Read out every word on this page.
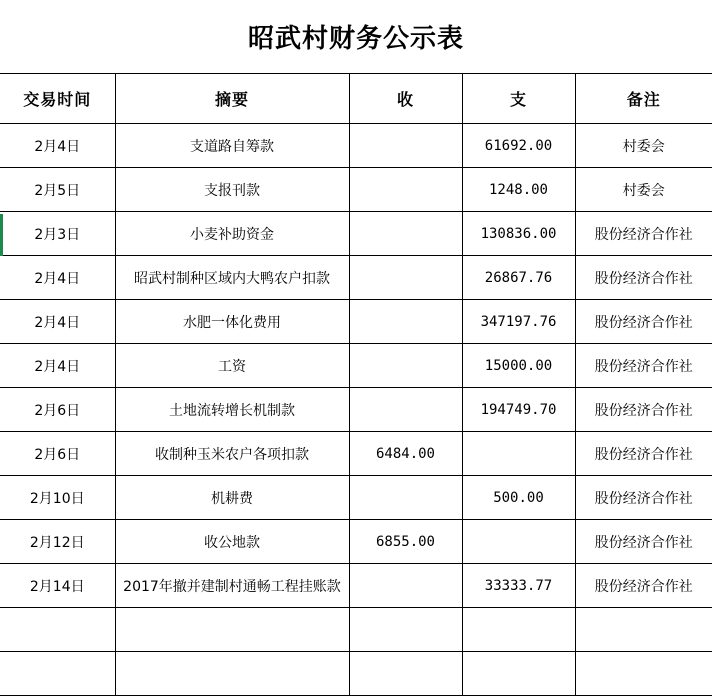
昭武村财务公示表
交易时间	摘要	收	支	备注
2月4日	支道路自筹款		61692.00	村委会
2月5日	支报刊款		1248.00	村委会
2月3日	小麦补助资金		130836.00	股份经济合作社
2月4日	昭武村制种区域内大鸭农户扣款		26867.76	股份经济合作社
2月4日	水肥一体化费用		347197.76	股份经济合作社
2月4日	工资		15000.00	股份经济合作社
2月6日	土地流转增长机制款		194749.70	股份经济合作社
2月6日	收制种玉米农户各项扣款	6484.00		股份经济合作社
2月10日	机耕费		500.00	股份经济合作社
2月12日	收公地款	6855.00		股份经济合作社
2月14日	2017年撤并建制村通畅工程挂账款		33333.77	股份经济合作社
